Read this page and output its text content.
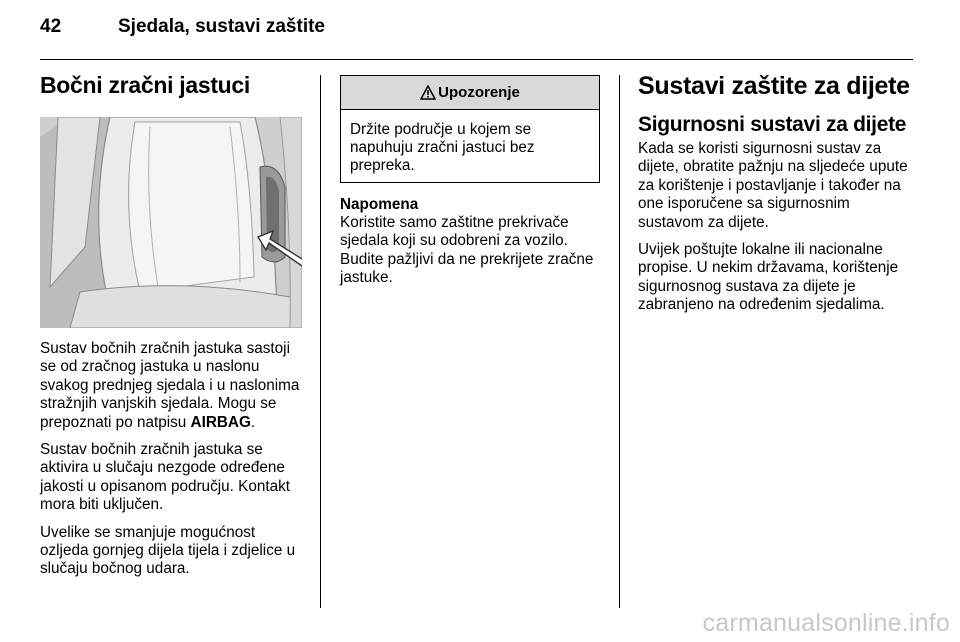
42	Sjedala, sustavi zaštite
Bočni zračni jastuci

Sustav bočnih zračnih jastuka sastoji se od zračnog jastuka u naslonu svakog prednjeg sjedala i u naslonima stražnjih vanjskih sjedala. Mogu se prepoznati po natpisu AIRBAG.

Sustav bočnih zračnih jastuka se aktivira u slučaju nezgode određene jakosti u opisanom području. Kontakt mora biti uključen.

Uvelike se smanjuje mogućnost ozljeda gornjeg dijela tijela i zdjelice u slučaju bočnog udara.

Upozorenje
Držite područje u kojem se napuhuju zračni jastuci bez prepreka.
Napomena

Koristite samo zaštitne prekrivače sjedala koji su odobreni za vozilo. Budite pažljivi da ne prekrijete zračne jastuke.

Sustavi zaštite za dijete
Sigurnosni sustavi za dijete

Kada se koristi sigurnosni sustav za dijete, obratite pažnju na sljedeće upute za korištenje i postavljanje i također na one isporučene sa sigurnosnim sustavom za dijete.

Uvijek poštujte lokalne ili nacionalne propise. U nekim državama, korištenje sigurnosnog sustava za dijete je zabranjeno na određenim sjedalima.

carmanualsonline.info
